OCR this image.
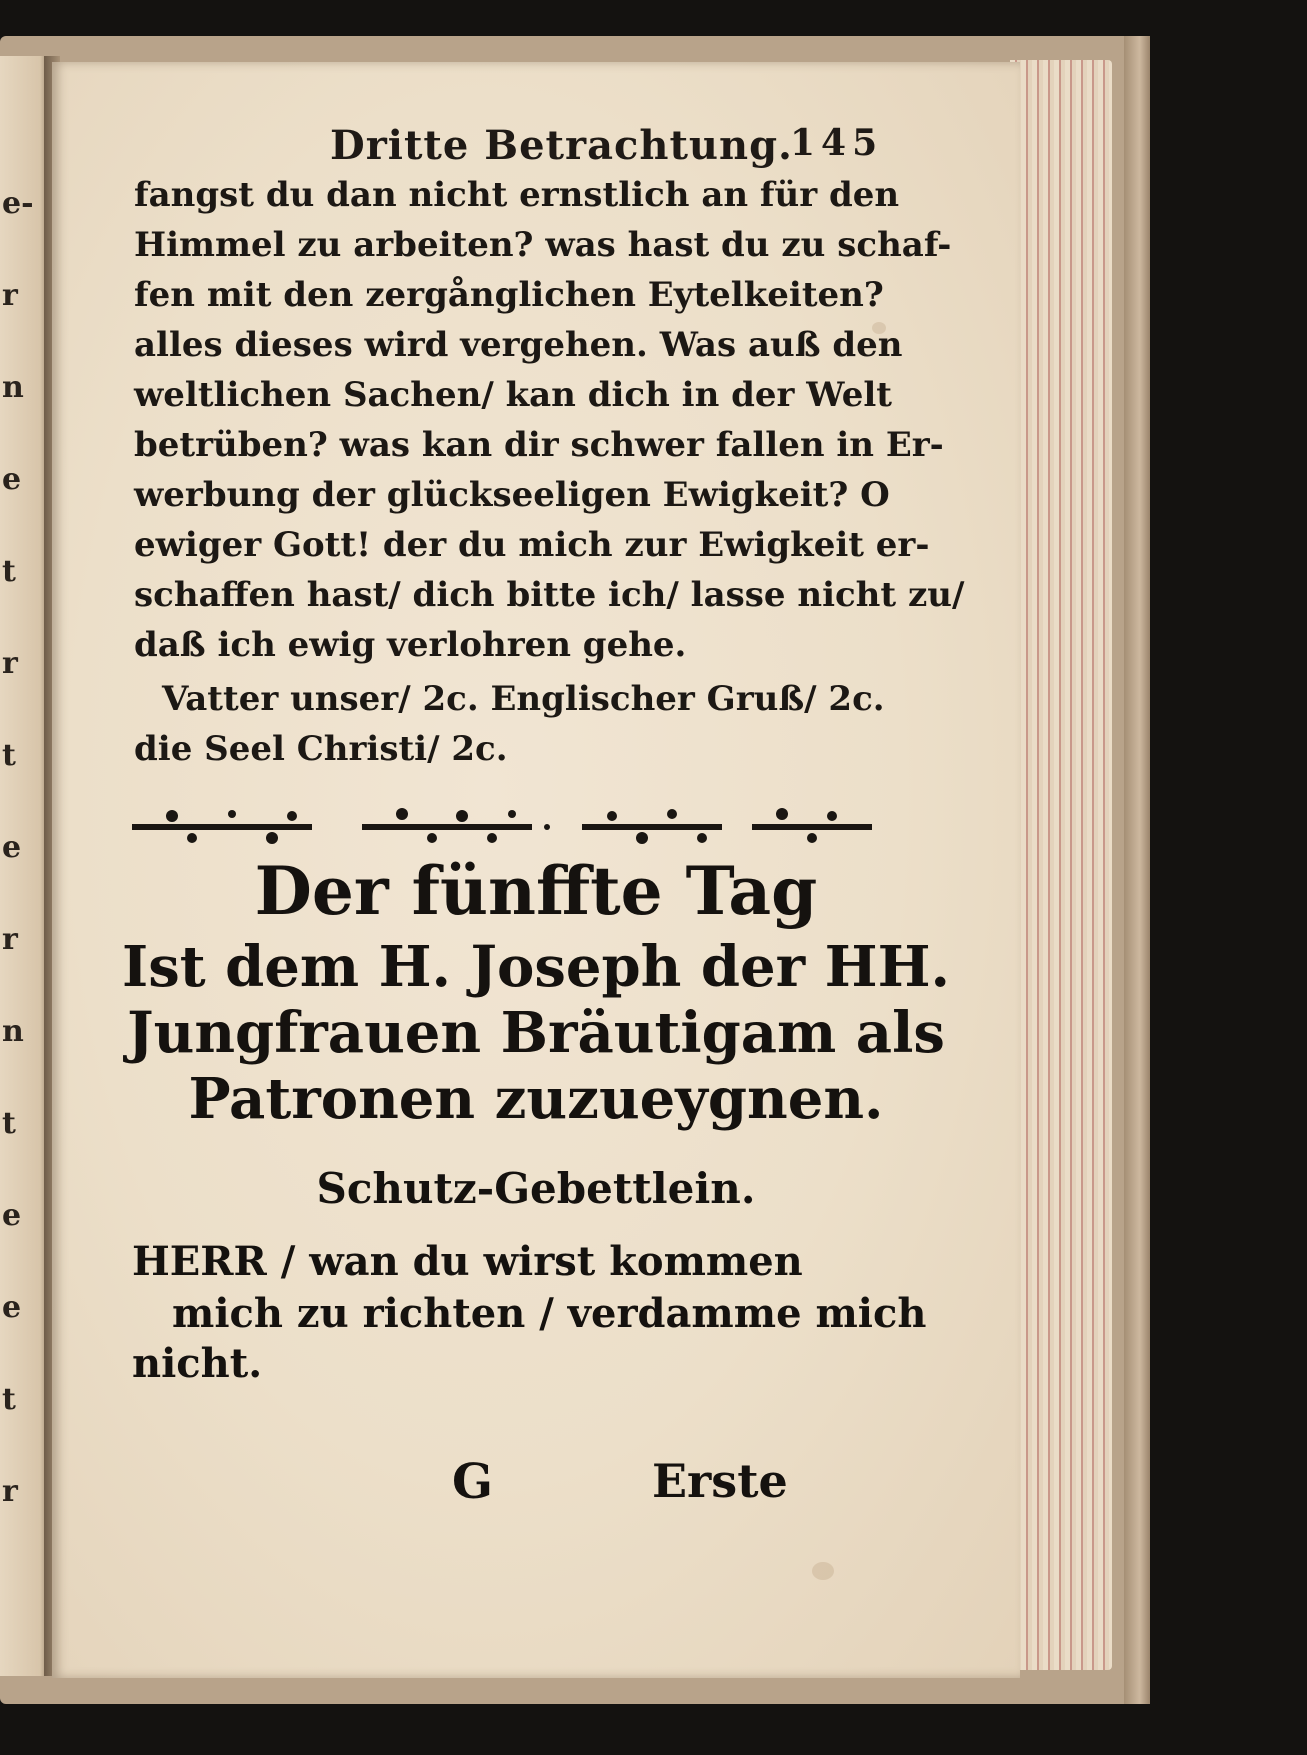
e-
r
n
e
t
r
t
e
r
n
t
e
e
t
r
Dritte Betrachtung.
145
fangst du dan nicht ernstlich an für den
Himmel zu arbeiten? was hast du zu schaf-
fen mit den zergånglichen Eytelkeiten?
alles dieses wird vergehen. Was auß den
weltlichen Sachen/ kan dich in der Welt
betrüben? was kan dir schwer fallen in Er-
werbung der glückseeligen Ewigkeit? O
ewiger Gott! der du mich zur Ewigkeit er-
schaffen hast/ dich bitte ich/ lasse nicht zu/
daß ich ewig verlohren gehe.
Vatter unser/ 2c. Englischer Gruß/ 2c.
die Seel Christi/ 2c.
Der fünffte Tag
Ist dem H. Joseph der HH.
Jungfrauen Bräutigam als
Patronen zuzueygnen.
Schutz-Gebettlein.
HERR / wan du wirst kommen
mich zu richten / verdamme mich
nicht.
G	Erste
